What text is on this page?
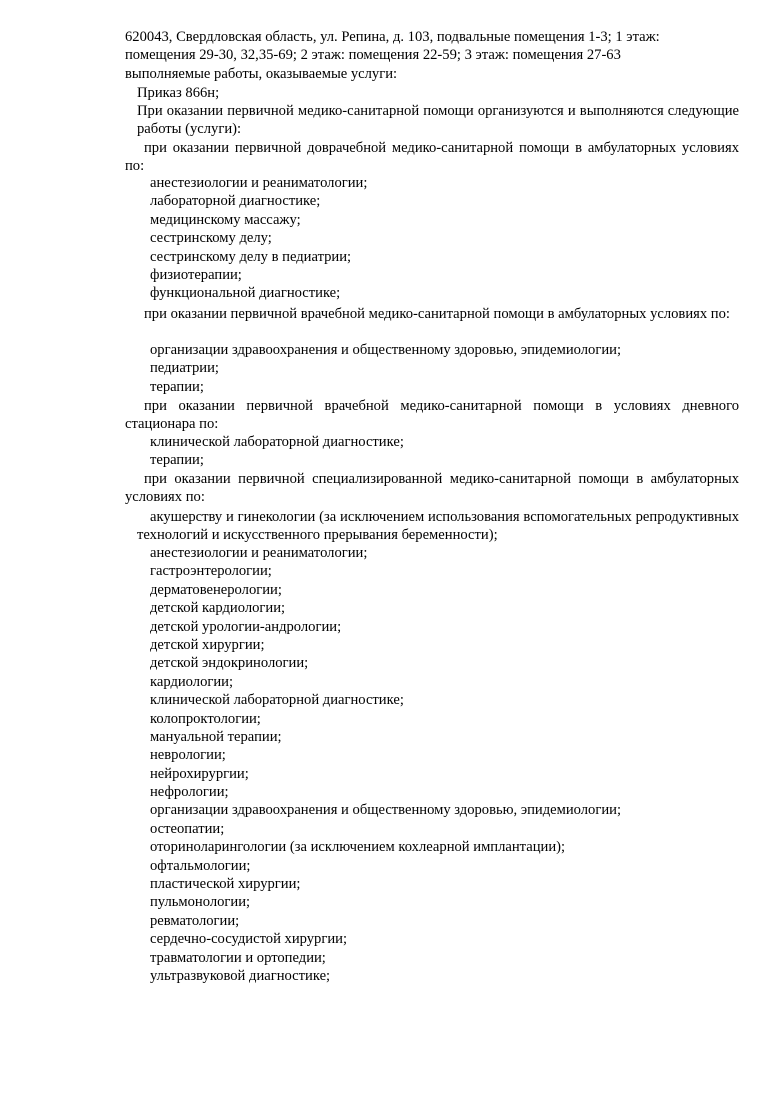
620043, Свердловская область, ул. Репина, д. 103, подвальные помещения 1-3; 1 этаж: помещения 29-30, 32,35-69; 2 этаж: помещения 22-59; 3 этаж: помещения 27-63
выполняемые работы, оказываемые услуги:
Приказ 866н;
При оказании первичной медико-санитарной помощи организуются и выполняются следующие работы (услуги):
при оказании первичной доврачебной медико-санитарной помощи в амбулаторных условиях по:
анестезиологии и реаниматологии;
лабораторной диагностике;
медицинскому массажу;
сестринскому делу;
сестринскому делу в педиатрии;
физиотерапии;
функциональной диагностике;
при оказании первичной врачебной медико-санитарной помощи в амбулаторных условиях по:
организации здравоохранения и общественному здоровью, эпидемиологии;
педиатрии;
терапии;
при оказании первичной врачебной медико-санитарной помощи в условиях дневного стационара по:
клинической лабораторной диагностике;
терапии;
при оказании первичной специализированной медико-санитарной помощи в амбулаторных условиях по:
акушерству и гинекологии (за исключением использования вспомогательных репродуктивных технологий и искусственного прерывания беременности);
анестезиологии и реаниматологии;
гастроэнтерологии;
дерматовенерологии;
детской кардиологии;
детской урологии-андрологии;
детской хирургии;
детской эндокринологии;
кардиологии;
клинической лабораторной диагностике;
колопроктологии;
мануальной терапии;
неврологии;
нейрохирургии;
нефрологии;
организации здравоохранения и общественному здоровью, эпидемиологии;
остеопатии;
оториноларингологии (за исключением кохлеарной имплантации);
офтальмологии;
пластической хирургии;
пульмонологии;
ревматологии;
сердечно-сосудистой хирургии;
травматологии и ортопедии;
ультразвуковой диагностике;
